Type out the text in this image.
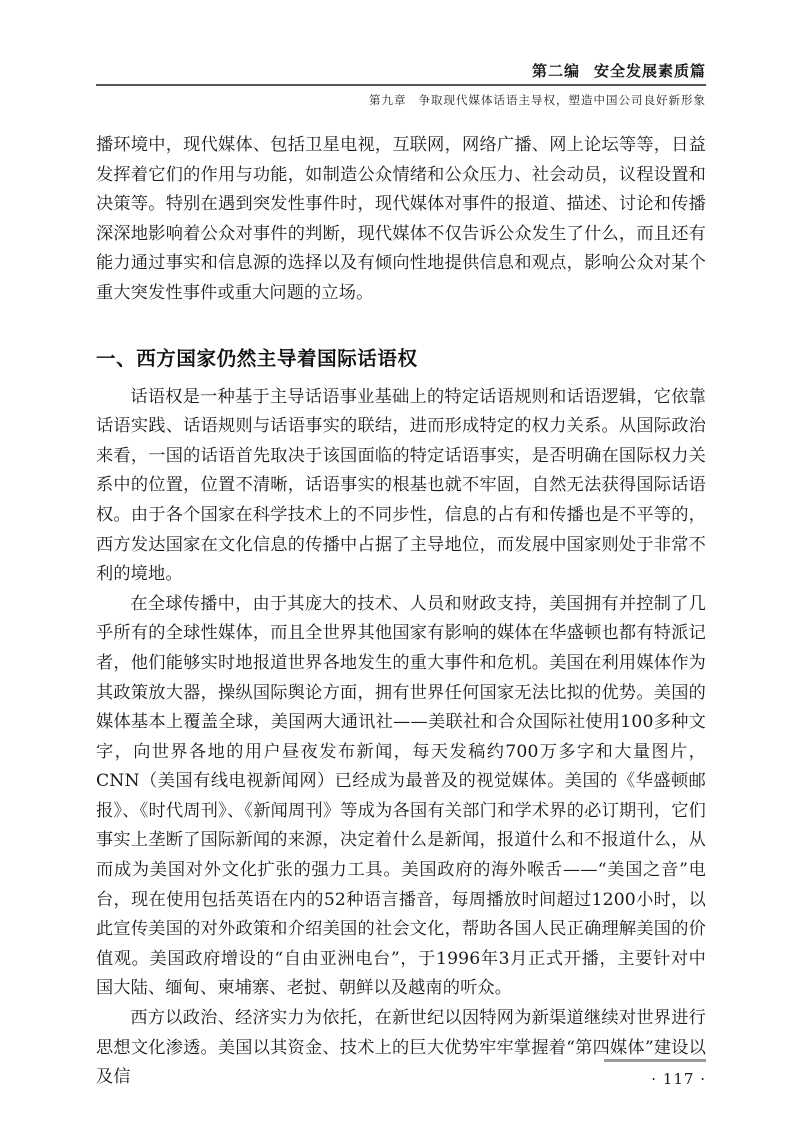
第二编 安全发展素质篇
第九章 争取现代媒体话语主导权，塑造中国公司良好新形象

播环境中，现代媒体、包括卫星电视，互联网，网络广播、网上论坛等等，日益发挥着它们的作用与功能，如制造公众情绪和公众压力、社会动员，议程设置和决策等。特别在遇到突发性事件时，现代媒体对事件的报道、描述、讨论和传播深深地影响着公众对事件的判断，现代媒体不仅告诉公众发生了什么，而且还有能力通过事实和信息源的选择以及有倾向性地提供信息和观点，影响公众对某个重大突发性事件或重大问题的立场。

一、西方国家仍然主导着国际话语权

话语权是一种基于主导话语事业基础上的特定话语规则和话语逻辑，它依靠话语实践、话语规则与话语事实的联结，进而形成特定的权力关系。从国际政治来看，一国的话语首先取决于该国面临的特定话语事实，是否明确在国际权力关系中的位置，位置不清晰，话语事实的根基也就不牢固，自然无法获得国际话语权。由于各个国家在科学技术上的不同步性，信息的占有和传播也是不平等的，西方发达国家在文化信息的传播中占据了主导地位，而发展中国家则处于非常不利的境地。

在全球传播中，由于其庞大的技术、人员和财政支持，美国拥有并控制了几乎所有的全球性媒体，而且全世界其他国家有影响的媒体在华盛顿也都有特派记者，他们能够实时地报道世界各地发生的重大事件和危机。美国在利用媒体作为其政策放大器，操纵国际舆论方面，拥有世界任何国家无法比拟的优势。美国的媒体基本上覆盖全球，美国两大通讯社——美联社和合众国际社使用100多种文字，向世界各地的用户昼夜发布新闻，每天发稿约700万多字和大量图片，CNN（美国有线电视新闻网）已经成为最普及的视觉媒体。美国的《华盛顿邮报》、《时代周刊》、《新闻周刊》等成为各国有关部门和学术界的必订期刊，它们事实上垄断了国际新闻的来源，决定着什么是新闻，报道什么和不报道什么，从而成为美国对外文化扩张的强力工具。美国政府的海外喉舌——“美国之音”电台，现在使用包括英语在内的52种语言播音，每周播放时间超过1200小时，以此宣传美国的对外政策和介绍美国的社会文化，帮助各国人民正确理解美国的价值观。美国政府增设的“自由亚洲电台”，于1996年3月正式开播，主要针对中国大陆、缅甸、柬埔寨、老挝、朝鲜以及越南的听众。

西方以政治、经济实力为依托，在新世纪以因特网为新渠道继续对世界进行思想文化渗透。美国以其资金、技术上的巨大优势牢牢掌握着“第四媒体”建设以及信	· 117 ·
